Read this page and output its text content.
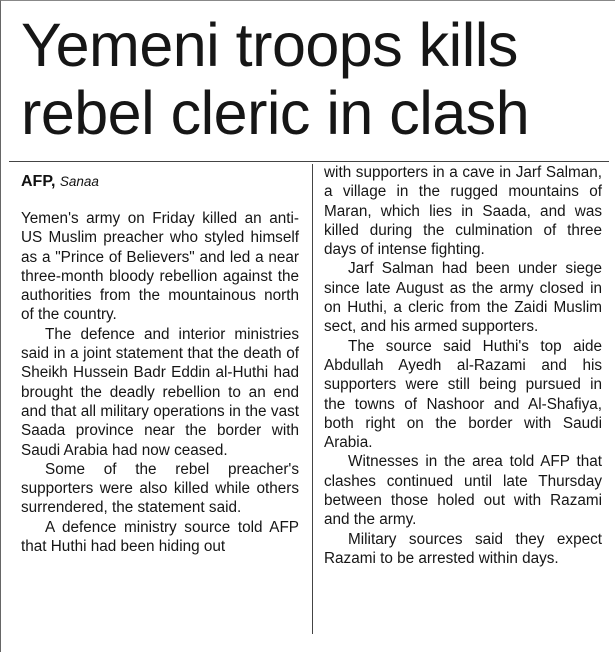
Yemeni troops kills
rebel cleric in clash
AFP, Sanaa

Yemen's army on Friday killed an anti-US Muslim preacher who styled himself as a "Prince of Believers" and led a near three-month bloody rebellion against the authorities from the mountainous north of the country.

The defence and interior ministries said in a joint statement that the death of Sheikh Hussein Badr Eddin al-Huthi had brought the deadly rebellion to an end and that all military operations in the vast Saada province near the border with Saudi Arabia had now ceased.

Some of the rebel preacher's supporters were also killed while others surrendered, the statement said.

A defence ministry source told AFP that Huthi had been hiding out

with supporters in a cave in Jarf Salman, a village in the rugged mountains of Maran, which lies in Saada, and was killed during the culmination of three days of intense fighting.

Jarf Salman had been under siege since late August as the army closed in on Huthi, a cleric from the Zaidi Muslim sect, and his armed supporters.

The source said Huthi's top aide Abdullah Ayedh al-Razami and his supporters were still being pursued in the towns of Nashoor and Al-Shafiya, both right on the border with Saudi Arabia.

Witnesses in the area told AFP that clashes continued until late Thursday between those holed out with Razami and the army.

Military sources said they expect Razami to be arrested within days.
